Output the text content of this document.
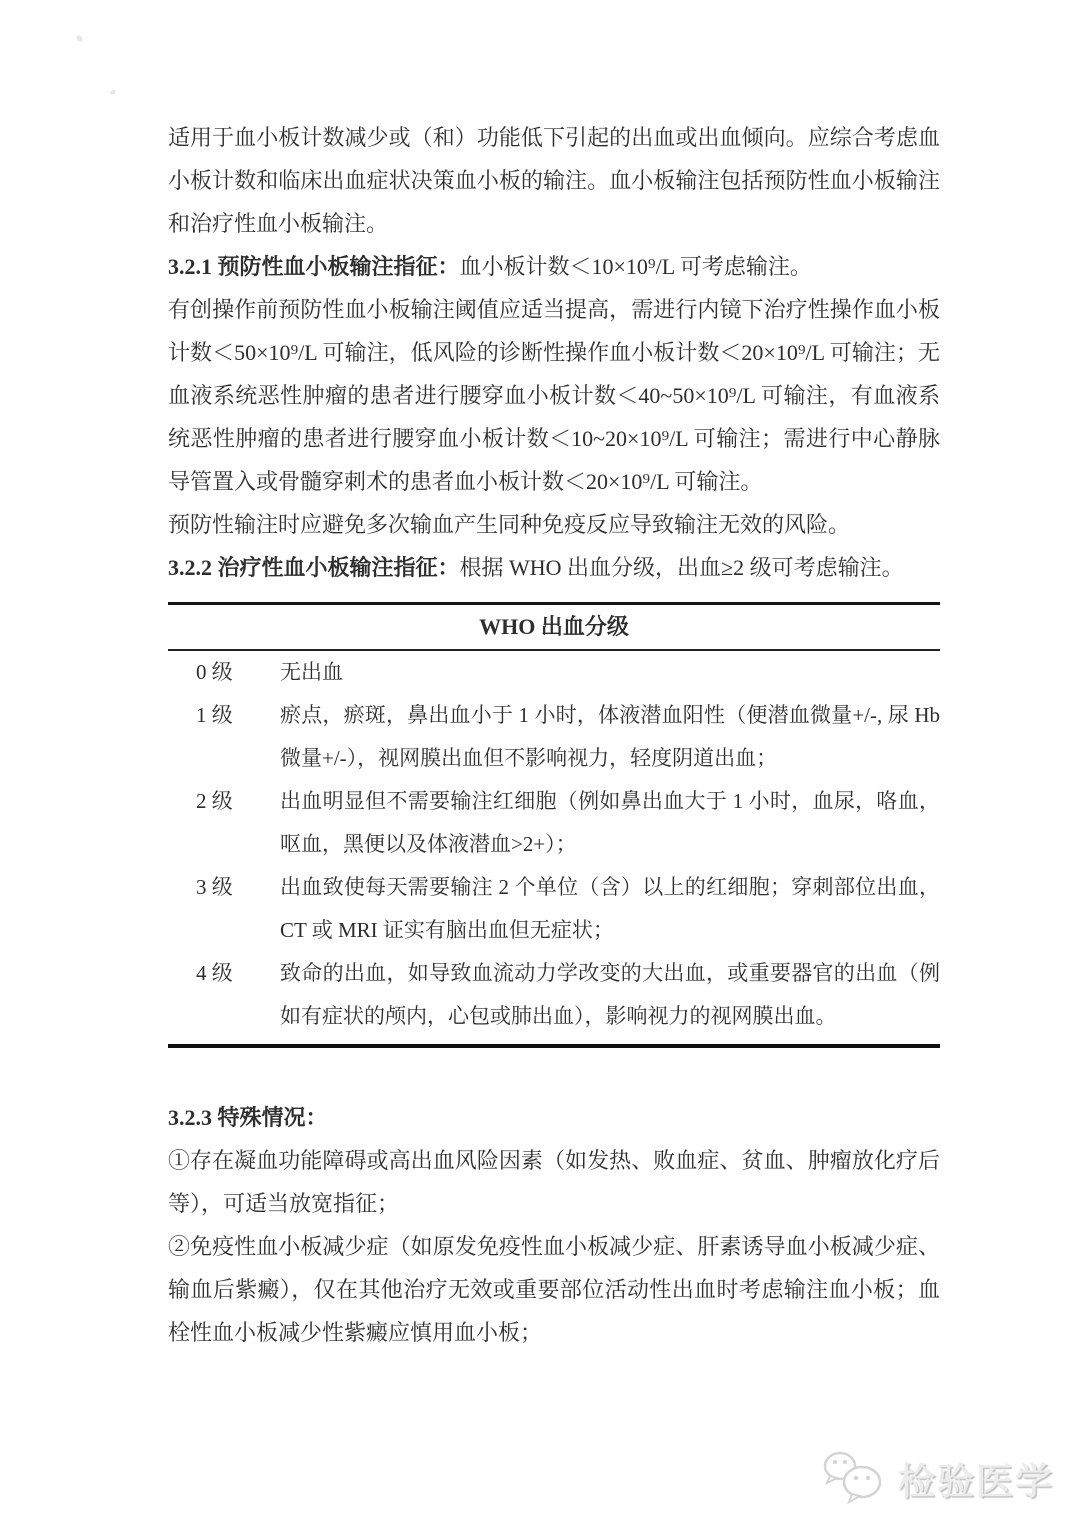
适用于血小板计数减少或（和）功能低下引起的出血或出血倾向。应综合考虑血小板计数和临床出血症状决策血小板的输注。血小板输注包括预防性血小板输注和治疗性血小板输注。

3.2.1 预防性血小板输注指征：血小板计数＜10×10⁹/L 可考虑输注。

有创操作前预防性血小板输注阈值应适当提高，需进行内镜下治疗性操作血小板计数＜50×10⁹/L 可输注，低风险的诊断性操作血小板计数＜20×10⁹/L 可输注；无血液系统恶性肿瘤的患者进行腰穿血小板计数＜40~50×10⁹/L 可输注，有血液系统恶性肿瘤的患者进行腰穿血小板计数＜10~20×10⁹/L 可输注；需进行中心静脉导管置入或骨髓穿刺术的患者血小板计数＜20×10⁹/L 可输注。

预防性输注时应避免多次输血产生同种免疫反应导致输注无效的风险。

3.2.2 治疗性血小板输注指征：根据 WHO 出血分级，出血≥2 级可考虑输注。

WHO 出血分级
0 级	无出血
1 级	瘀点，瘀斑，鼻出血小于 1 小时，体液潜血阳性（便潜血微量+/-, 尿 Hb 微量+/-），视网膜出血但不影响视力，轻度阴道出血；
2 级	出血明显但不需要输注红细胞（例如鼻出血大于 1 小时，血尿，咯血，呕血，黑便以及体液潜血>2+）；
3 级	出血致使每天需要输注 2 个单位（含）以上的红细胞；穿刺部位出血，CT 或 MRI 证实有脑出血但无症状；
4 级	致命的出血，如导致血流动力学改变的大出血，或重要器官的出血（例如有症状的颅内，心包或肺出血），影响视力的视网膜出血。

3.2.3 特殊情况：

①存在凝血功能障碍或高出血风险因素（如发热、败血症、贫血、肿瘤放化疗后等），可适当放宽指征；

②免疫性血小板减少症（如原发免疫性血小板减少症、肝素诱导血小板减少症、输血后紫癜），仅在其他治疗无效或重要部位活动性出血时考虑输注血小板；血栓性血小板减少性紫癜应慎用血小板；

检验医学
